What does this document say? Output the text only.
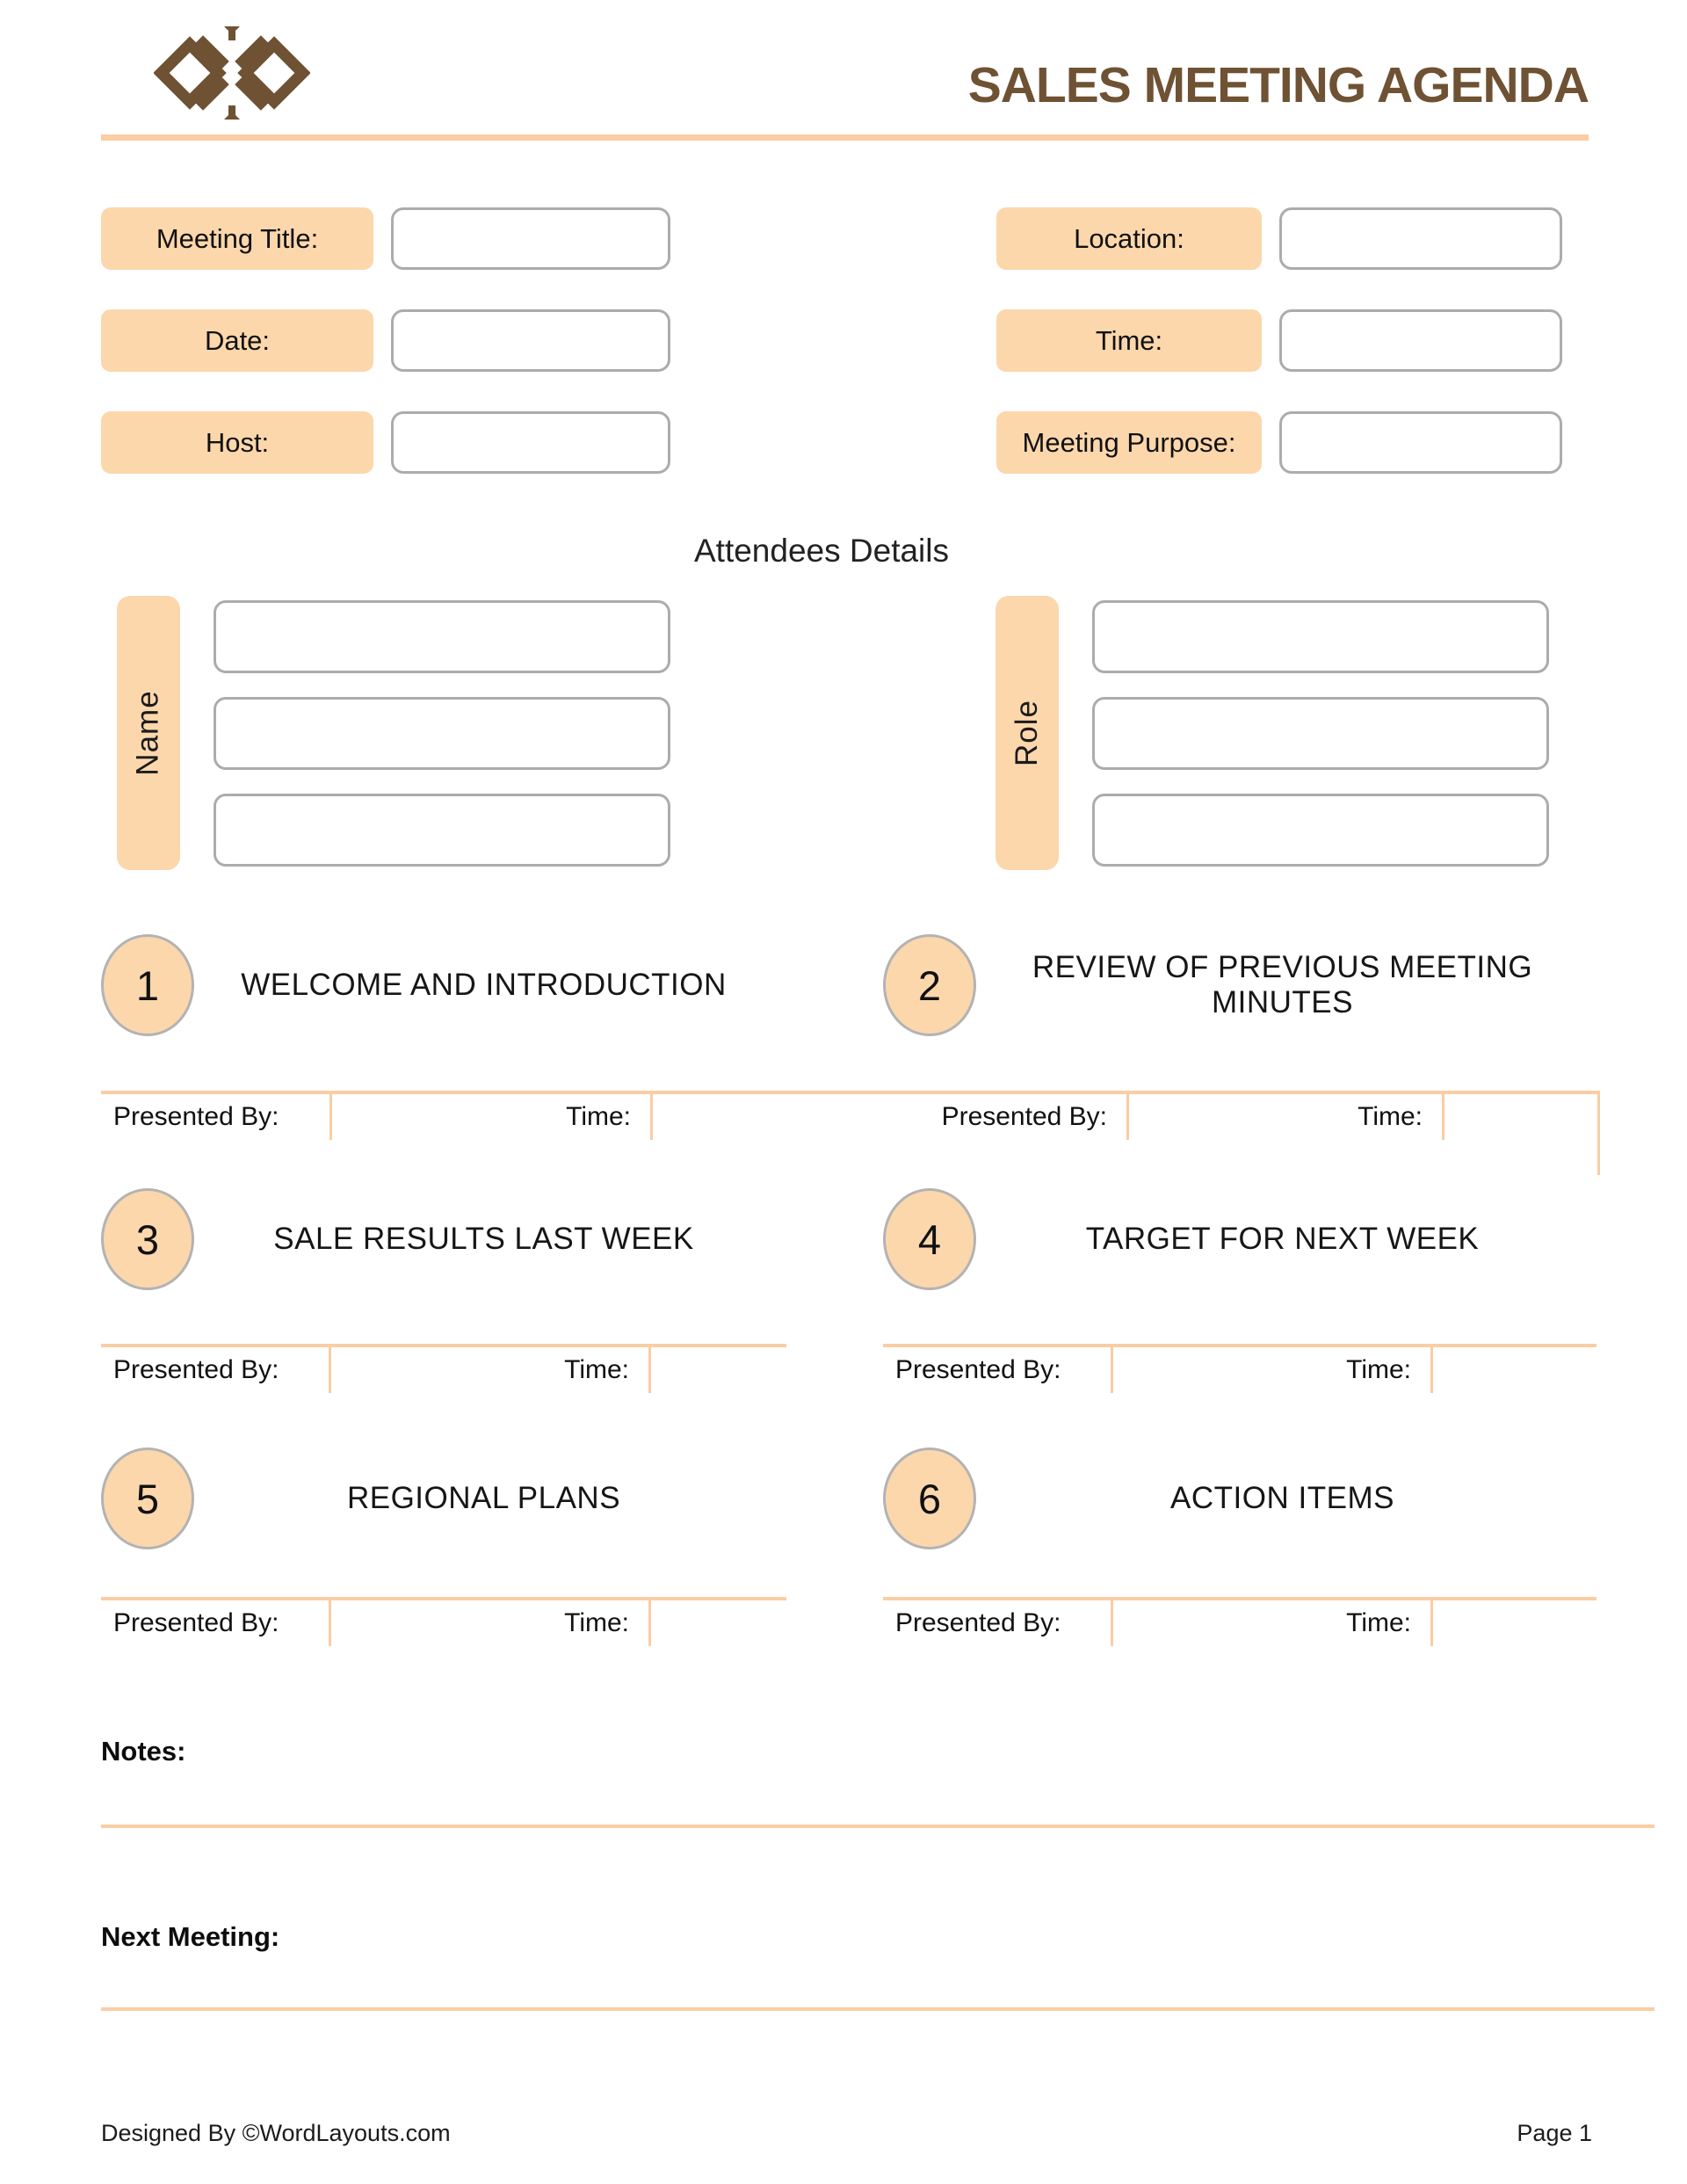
SALES MEETING AGENDA
Meeting Title:
Date:
Host:
Location:
Time:
Meeting Purpose:
Attendees Details
Name	Role
1	WELCOME AND INTRODUCTION	2	REVIEW OF PREVIOUS MEETING MINUTES
Presented By:	Time:	Presented By:	Time:
3	SALE RESULTS LAST WEEK	4	TARGET FOR NEXT WEEK
Presented By:	Time:	Presented By:	Time:
5	REGIONAL PLANS	6	ACTION ITEMS
Presented By:	Time:	Presented By:	Time:
Notes:
Next Meeting:
Designed By ©WordLayouts.com	Page 1
